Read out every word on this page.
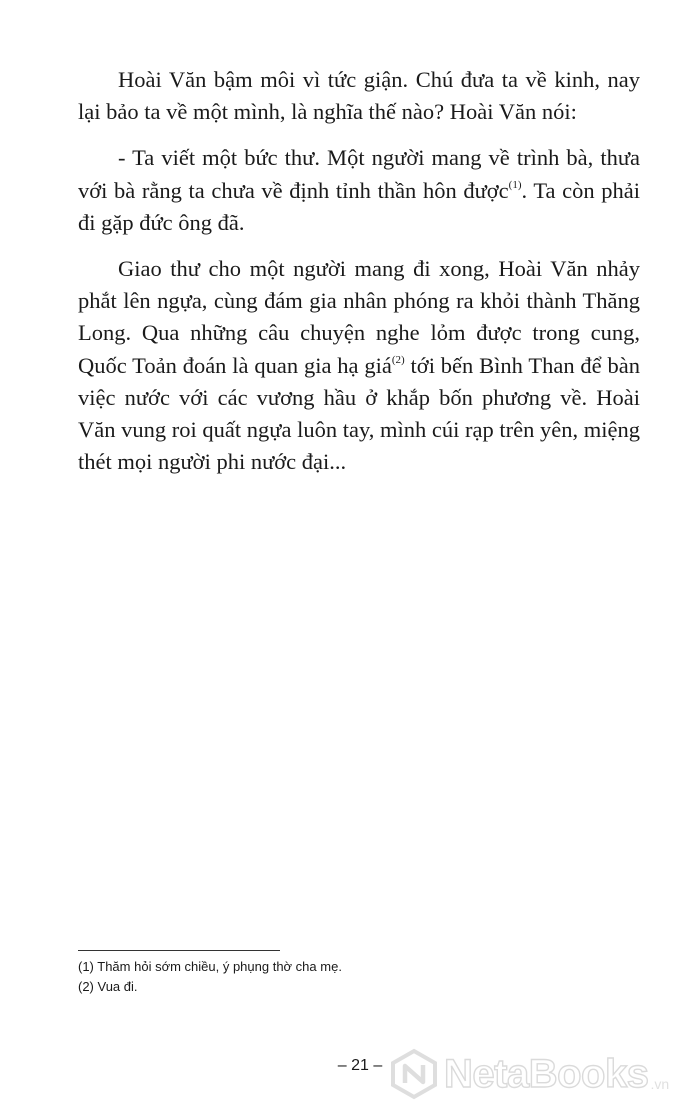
Hoài Văn bậm môi vì tức giận. Chú đưa ta về kinh, nay lại bảo ta về một mình, là nghĩa thế nào? Hoài Văn nói:

- Ta viết một bức thư. Một người mang về trình bà, thưa với bà rằng ta chưa về định tỉnh thần hôn được$^{(1)}$. Ta còn phải đi gặp đức ông đã.

Giao thư cho một người mang đi xong, Hoài Văn nhảy phắt lên ngựa, cùng đám gia nhân phóng ra khỏi thành Thăng Long. Qua những câu chuyện nghe lỏm được trong cung, Quốc Toản đoán là quan gia hạ giá$^{(2)}$ tới bến Bình Than để bàn việc nước với các vương hầu ở khắp bốn phương về. Hoài Văn vung roi quất ngựa luôn tay, mình cúi rạp trên yên, miệng thét mọi người phi nước đại...

(1) Thăm hỏi sớm chiều, ý phụng thờ cha mẹ.
(2) Vua đi.
– 21 –	NetaBooks .vn
